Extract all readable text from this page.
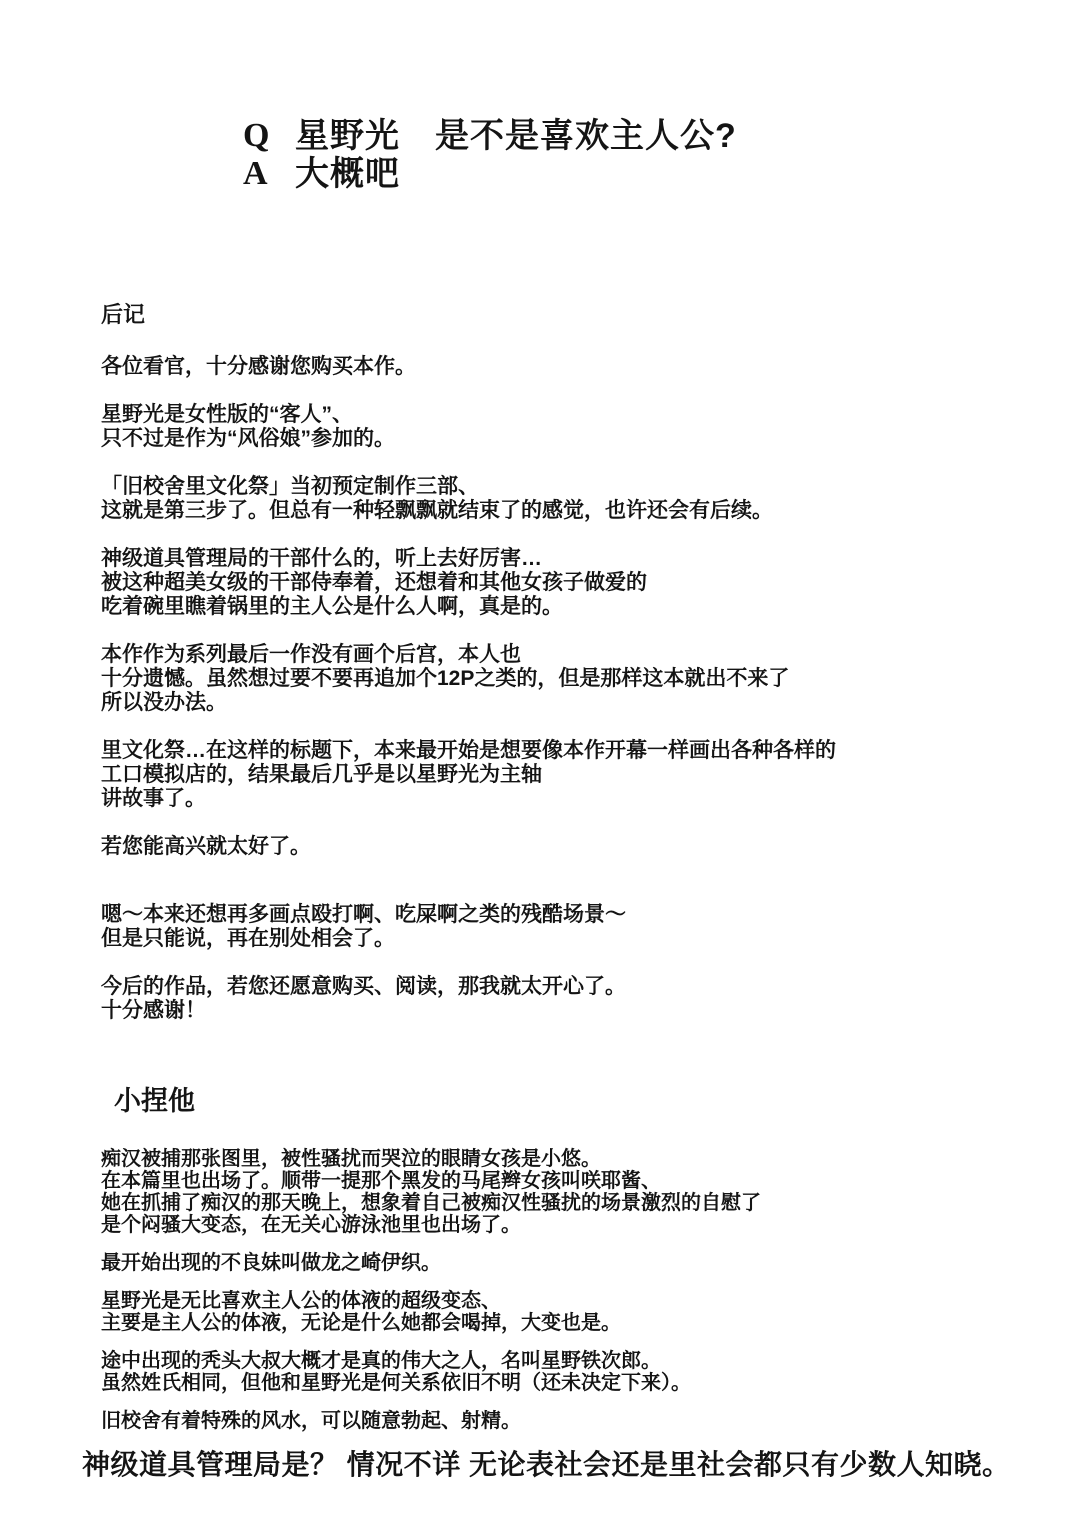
Q 星野光　是不是喜欢主人公?
A 大概吧
后记

各位看官，十分感谢您购买本作。

星野光是女性版的“客人”、
只不过是作为“风俗娘”参加的。

「旧校舍里文化祭」当初预定制作三部、
这就是第三步了。但总有一种轻飘飘就结束了的感觉，也许还会有后续。

神级道具管理局的干部什么的，听上去好厉害…
被这种超美女级的干部侍奉着，还想着和其他女孩子做爱的
吃着碗里瞧着锅里的主人公是什么人啊，真是的。

本作作为系列最后一作没有画个后宫，本人也
十分遗憾。虽然想过要不要再追加个12P之类的，但是那样这本就出不来了
所以没办法。

里文化祭…在这样的标题下，本来最开始是想要像本作开幕一样画出各种各样的
工口模拟店的，结果最后几乎是以星野光为主轴
讲故事了。

若您能高兴就太好了。

嗯～本来还想再多画点殴打啊、吃屎啊之类的残酷场景～
但是只能说，再在别处相会了。

今后的作品，若您还愿意购买、阅读，那我就太开心了。
十分感谢！

小捏他

痴汉被捕那张图里，被性骚扰而哭泣的眼睛女孩是小悠。
在本篇里也出场了。顺带一提那个黑发的马尾辫女孩叫咲耶酱、
她在抓捕了痴汉的那天晚上，想象着自己被痴汉性骚扰的场景激烈的自慰了
是个闷骚大变态，在无关心游泳池里也出场了。

最开始出现的不良妹叫做龙之崎伊织。

星野光是无比喜欢主人公的体液的超级变态、
主要是主人公的体液，无论是什么她都会喝掉，大变也是。

途中出现的秃头大叔大概才是真的伟大之人，名叫星野铁次郎。
虽然姓氏相同，但他和星野光是何关系依旧不明（还未决定下来）。

旧校舍有着特殊的风水，可以随意勃起、射精。

神级道具管理局是？ 情况不详 无论表社会还是里社会都只有少数人知晓。
